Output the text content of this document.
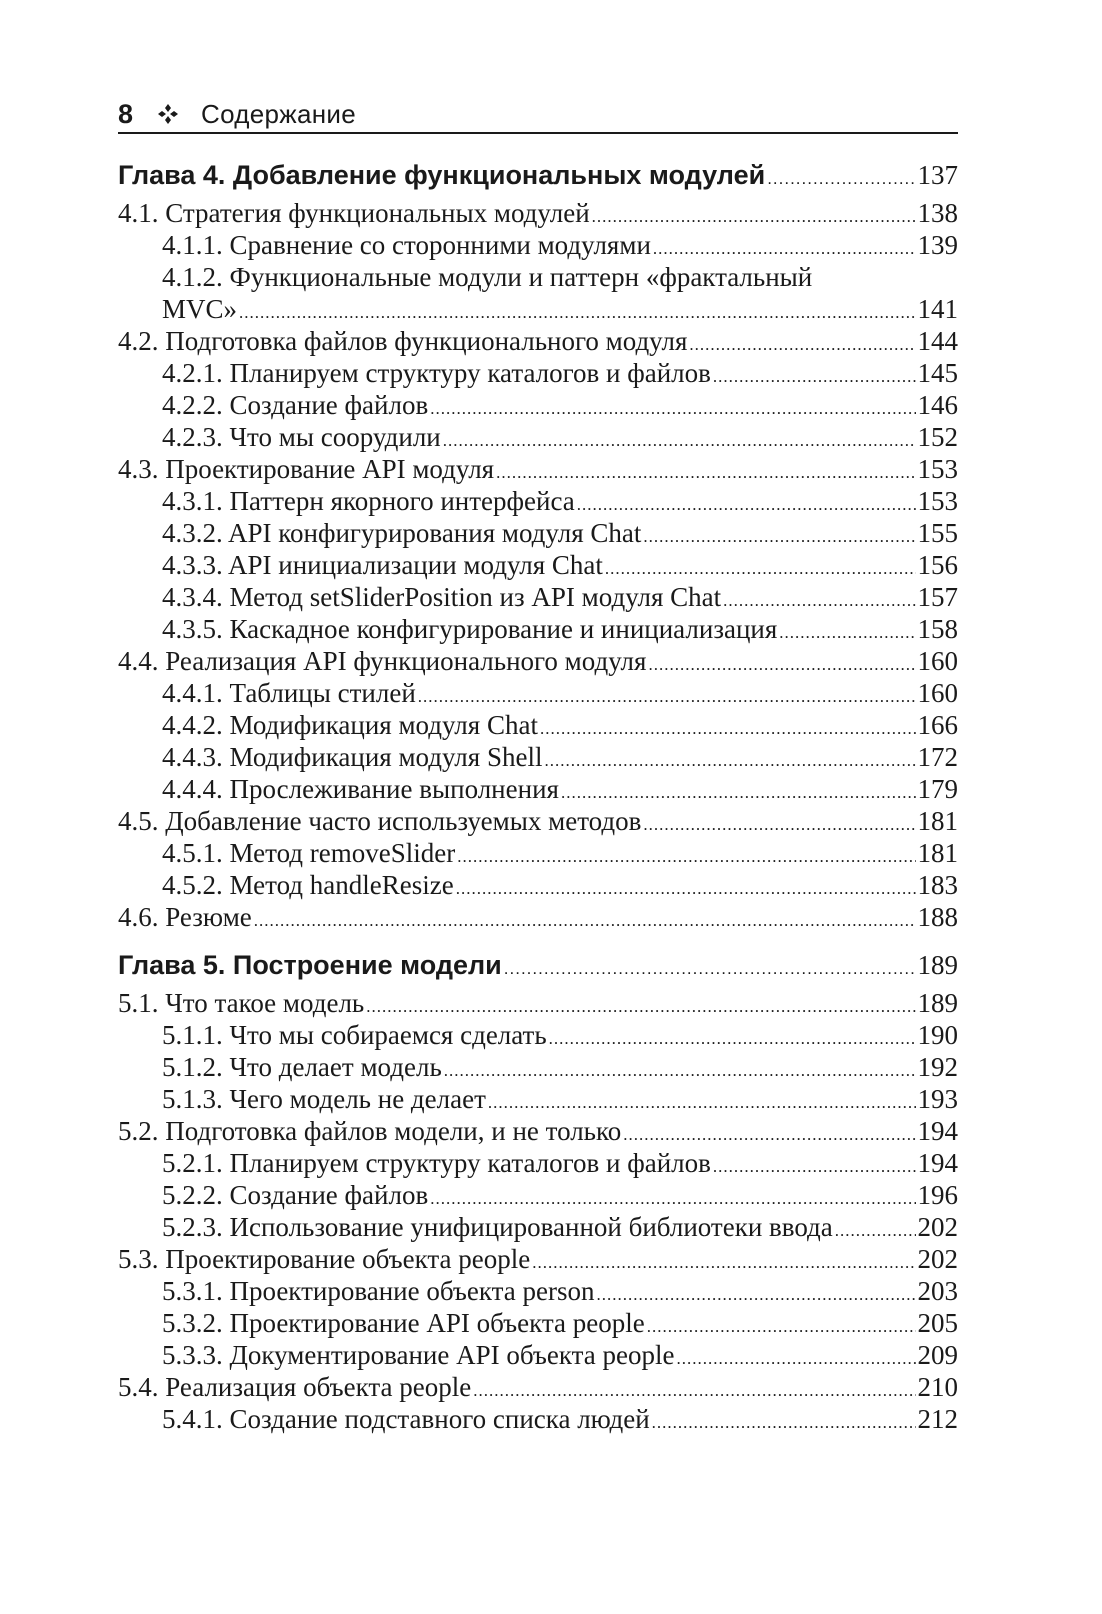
8	Содержание
Глава 4. Добавление функциональных модулей .....	137
4.1. Стратегия функциональных модулей .....	138
4.1.1. Сравнение со сторонними модулями .....	139
4.1.2. Функциональные модули и паттерн «фрактальный
MVC» .....	141
4.2. Подготовка файлов функционального модуля .....	144
4.2.1. Планируем структуру каталогов и файлов .....	145
4.2.2. Создание файлов .....	146
4.2.3. Что мы соорудили .....	152
4.3. Проектирование API модуля .....	153
4.3.1. Паттерн якорного интерфейса .....	153
4.3.2. API конфигурирования модуля Chat .....	155
4.3.3. API инициализации модуля Chat .....	156
4.3.4. Метод setSliderPosition из API модуля Chat .....	157
4.3.5. Каскадное конфигурирование и инициализация .....	158
4.4. Реализация API функционального модуля .....	160
4.4.1. Таблицы стилей .....	160
4.4.2. Модификация модуля Chat .....	166
4.4.3. Модификация модуля Shell .....	172
4.4.4. Прослеживание выполнения .....	179
4.5. Добавление часто используемых методов .....	181
4.5.1. Метод removeSlider .....	181
4.5.2. Метод handleResize .....	183
4.6. Резюме .....	188
Глава 5. Построение модели .....	189
5.1. Что такое модель .....	189
5.1.1. Что мы собираемся сделать .....	190
5.1.2. Что делает модель .....	192
5.1.3. Чего модель не делает .....	193
5.2. Подготовка файлов модели, и не только .....	194
5.2.1. Планируем структуру каталогов и файлов .....	194
5.2.2. Создание файлов .....	196
5.2.3. Использование унифицированной библиотеки ввода .....	202
5.3. Проектирование объекта people .....	202
5.3.1. Проектирование объекта person .....	203
5.3.2. Проектирование API объекта people .....	205
5.3.3. Документирование API объекта people .....	209
5.4. Реализация объекта people .....	210
5.4.1. Создание подставного списка людей .....	212
